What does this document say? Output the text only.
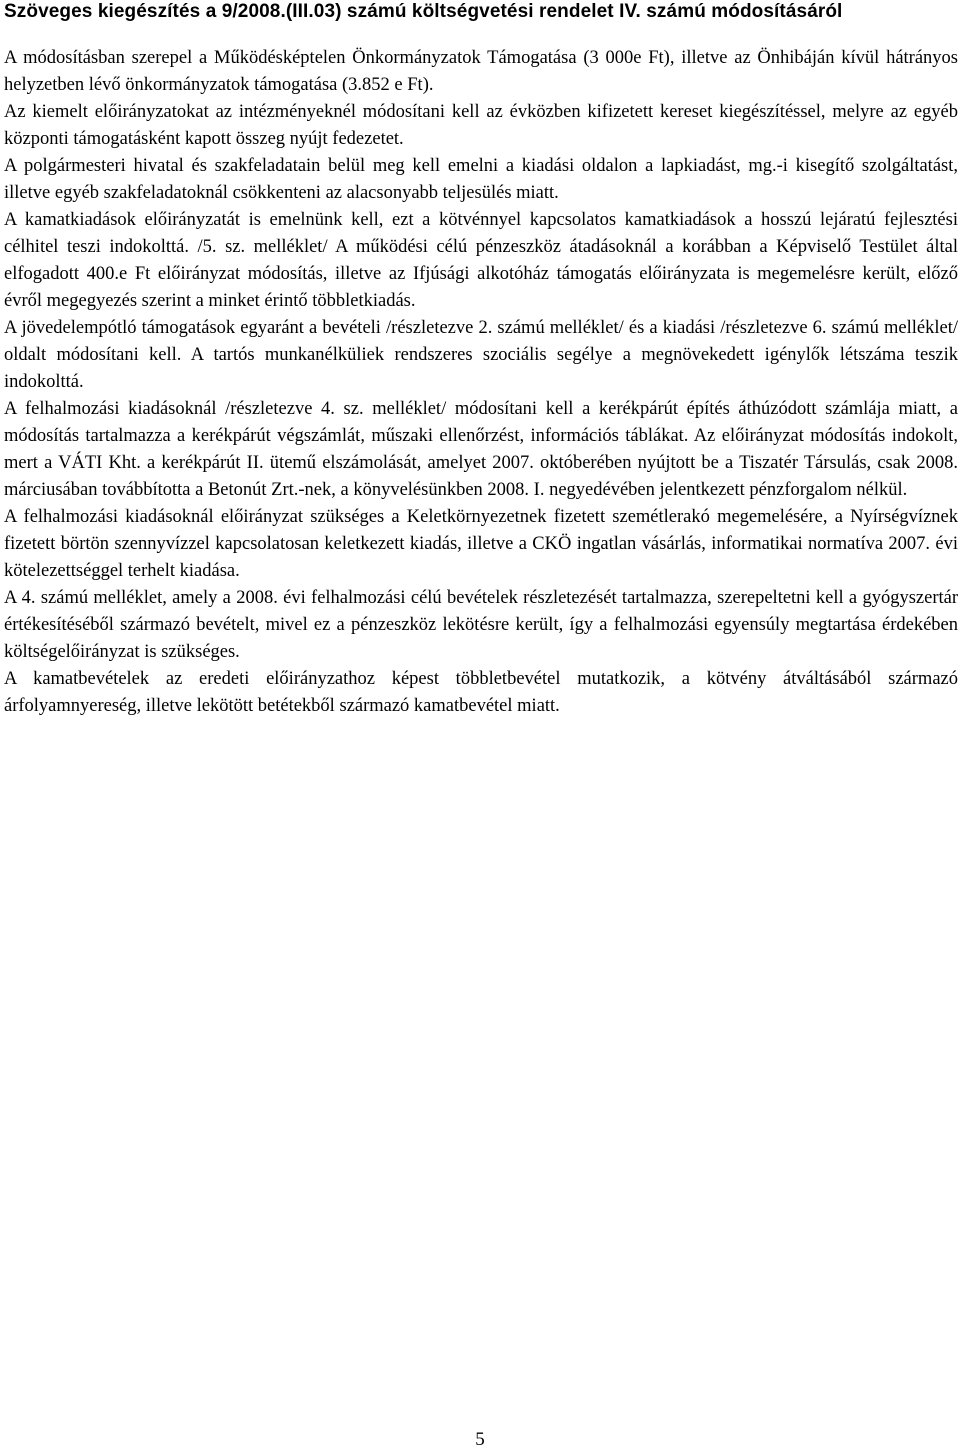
Szöveges kiegészítés a 9/2008.(III.03) számú költségvetési rendelet IV. számú módosításáról

A módosításban szerepel a Működésképtelen Önkormányzatok Támogatása (3 000e Ft), illetve az Önhibáján kívül hátrányos helyzetben lévő önkormányzatok támogatása (3.852 e Ft).

Az kiemelt előirányzatokat az intézményeknél módosítani kell az évközben kifizetett kereset kiegészítéssel, melyre az egyéb központi támogatásként kapott összeg nyújt fedezetet.

A polgármesteri hivatal és szakfeladatain belül meg kell emelni a kiadási oldalon a lapkiadást, mg.-i kisegítő szolgáltatást, illetve egyéb szakfeladatoknál csökkenteni az alacsonyabb teljesülés miatt.

A kamatkiadások előirányzatát is emelnünk kell, ezt a kötvénnyel kapcsolatos kamatkiadások a hosszú lejáratú fejlesztési célhitel teszi indokolttá. /5. sz. melléklet/ A működési célú pénzeszköz átadásoknál a korábban a Képviselő Testület által elfogadott 400.e Ft előirányzat módosítás, illetve az Ifjúsági alkotóház támogatás előirányzata is megemelésre került, előző évről megegyezés szerint a minket érintő többletkiadás.

A jövedelempótló támogatások egyaránt a bevételi /részletezve 2. számú melléklet/ és a kiadási /részletezve 6. számú melléklet/ oldalt módosítani kell. A tartós munkanélküliek rendszeres szociális segélye a megnövekedett igénylők létszáma teszik indokolttá.

A felhalmozási kiadásoknál /részletezve 4. sz. melléklet/ módosítani kell a kerékpárút építés áthúzódott számlája miatt, a módosítás tartalmazza a kerékpárút végszámlát, műszaki ellenőrzést, információs táblákat. Az előirányzat módosítás indokolt, mert a VÁTI Kht. a kerékpárút II. ütemű elszámolását, amelyet 2007. októberében nyújtott be a Tiszatér Társulás, csak 2008. márciusában továbbította a Betonút Zrt.-nek, a könyvelésünkben 2008. I. negyedévében jelentkezett pénzforgalom nélkül.

A felhalmozási kiadásoknál előirányzat szükséges a Keletkörnyezetnek fizetett szemétlerakó megemelésére, a Nyírségvíznek fizetett börtön szennyvízzel kapcsolatosan keletkezett kiadás, illetve a CKÖ ingatlan vásárlás, informatikai normatíva 2007. évi kötelezettséggel terhelt kiadása.

A 4. számú melléklet, amely a 2008. évi felhalmozási célú bevételek részletezését tartalmazza, szerepeltetni kell a gyógyszertár értékesítéséből származó bevételt, mivel ez a pénzeszköz lekötésre került, így a felhalmozási egyensúly megtartása érdekében költségelőirányzat is szükséges.

A kamatbevételek az eredeti előirányzathoz képest többletbevétel mutatkozik, a kötvény átváltásából származó árfolyamnyereség, illetve lekötött betétekből származó kamatbevétel miatt.

5
